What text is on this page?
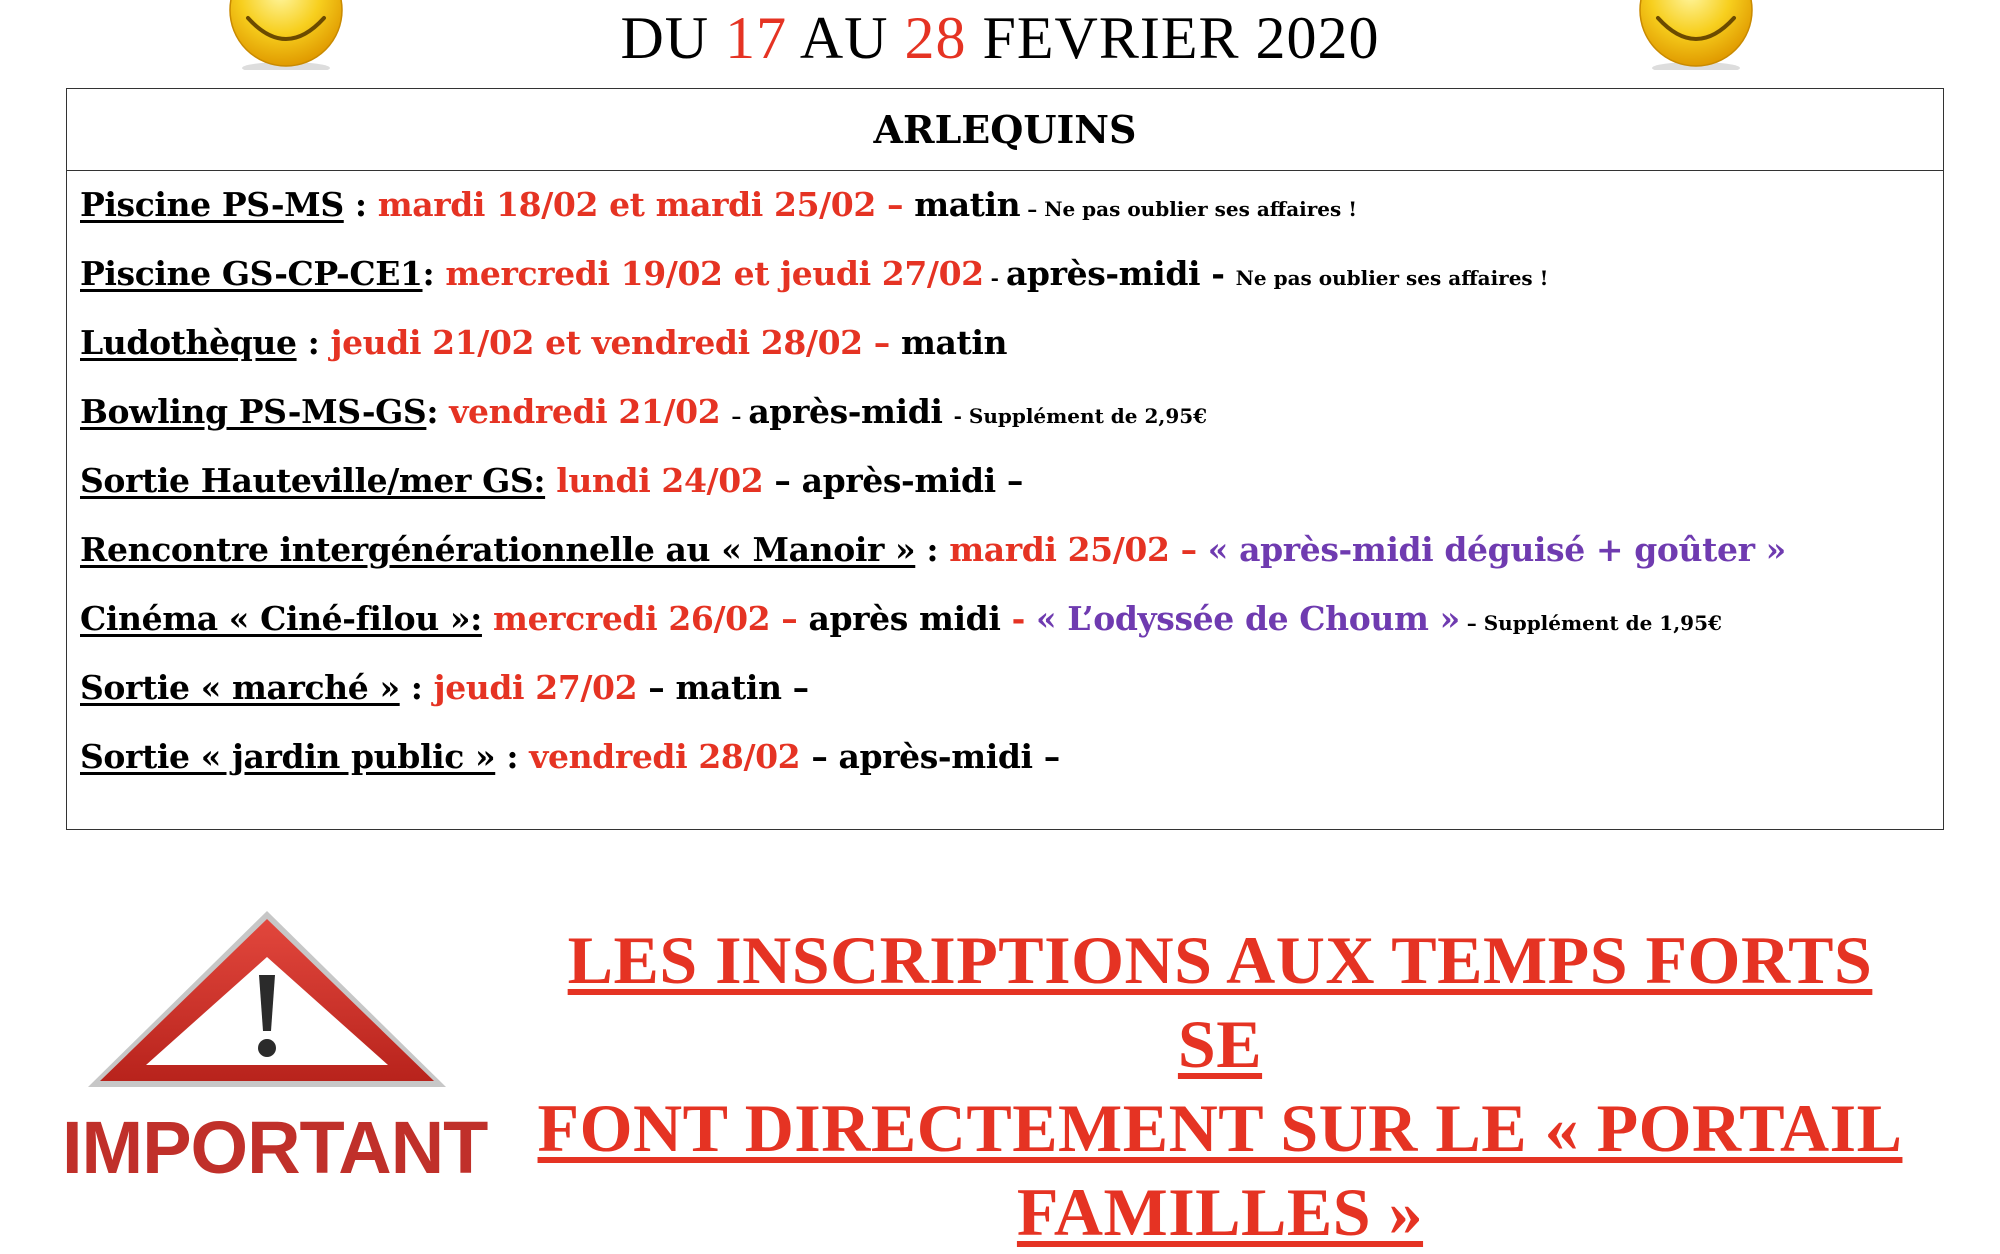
DU 17 AU 28 FEVRIER 2020
ARLEQUINS
Piscine PS-MS : mardi 18/02 et mardi 25/02 – matin – Ne pas oublier ses affaires !
Piscine GS-CP-CE1: mercredi 19/02 et jeudi 27/02 - après-midi - Ne pas oublier ses affaires !
Ludothèque : jeudi 21/02 et vendredi 28/02 – matin
Bowling PS-MS-GS: vendredi 21/02 – après-midi - Supplément de 2,95€
Sortie Hauteville/mer GS: lundi 24/02 – après-midi –
Rencontre intergénérationnelle au « Manoir » : mardi 25/02 – « après-midi déguisé + goûter »
Cinéma « Ciné-filou »: mercredi 26/02 – après midi - « L’odyssée de Choum » – Supplément de 1,95€
Sortie « marché » : jeudi 27/02 – matin –
Sortie « jardin public » : vendredi 28/02 – après-midi –
IMPORTANT
LES INSCRIPTIONS AUX TEMPS FORTS SE
FONT DIRECTEMENT SUR LE « PORTAIL
FAMILLES »
